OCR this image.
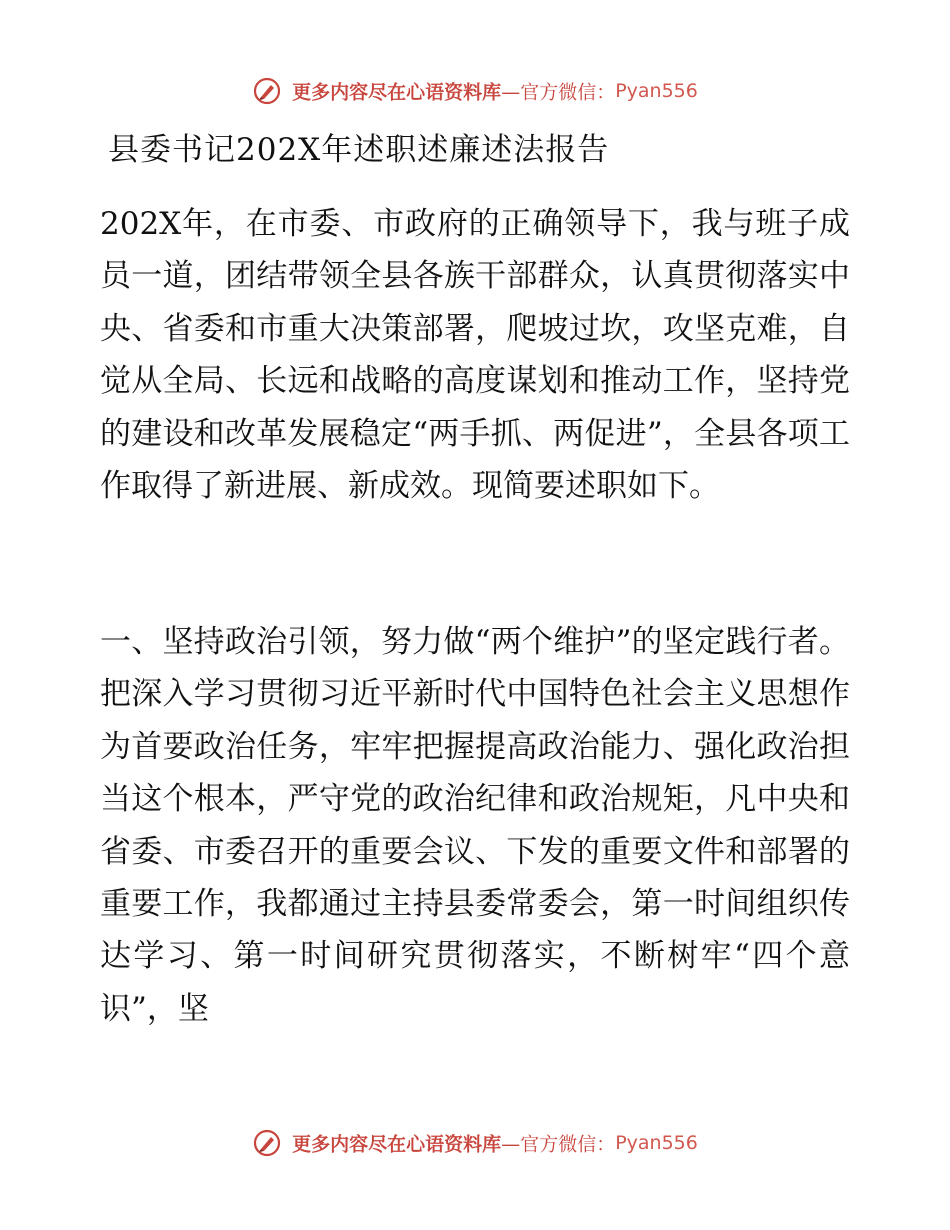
更多内容尽在心语资料库—官方微信：Pyan556
县委书记202X年述职述廉述法报告

202X年，在市委、市政府的正确领导下，我与班子成员一道，团结带领全县各族干部群众，认真贯彻落实中央、省委和市重大决策部署，爬坡过坎，攻坚克难，自觉从全局、长远和战略的高度谋划和推动工作，坚持党的建设和改革发展稳定“两手抓、两促进”，全县各项工作取得了新进展、新成效。现简要述职如下。

一、坚持政治引领，努力做“两个维护”的坚定践行者。把深入学习贯彻习近平新时代中国特色社会主义思想作为首要政治任务，牢牢把握提高政治能力、强化政治担当这个根本，严守党的政治纪律和政治规矩，凡中央和省委、市委召开的重要会议、下发的重要文件和部署的重要工作，我都通过主持县委常委会，第一时间组织传达学习、第一时间研究贯彻落实，不断树牢“四个意识”，坚

更多内容尽在心语资料库—官方微信：Pyan556
